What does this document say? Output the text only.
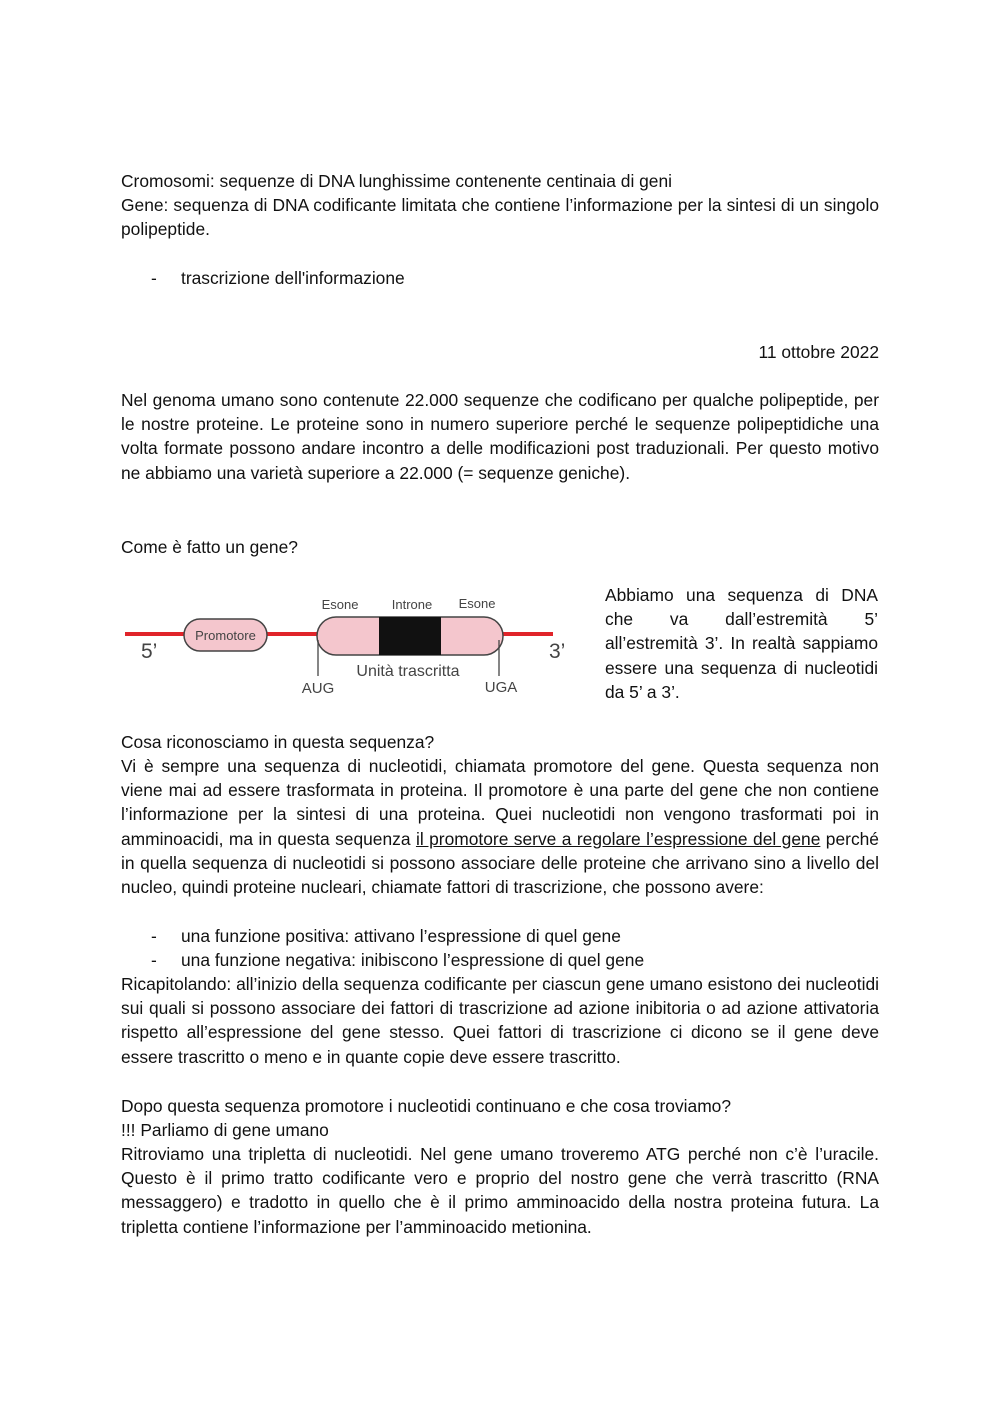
Cromosomi: sequenze di DNA lunghissime contenente centinaia di geni

Gene: sequenza di DNA codificante limitata che contiene l’informazione per la sintesi di un singolo polipeptide.

-	trascrizione dell'informazione

11 ottobre 2022

Nel genoma umano sono contenute 22.000 sequenze che codificano per qualche polipeptide, per le nostre proteine. Le proteine sono in numero superiore perché le sequenze polipeptidiche una volta formate possono andare incontro a delle modificazioni post traduzionali. Per questo motivo ne abbiamo una varietà superiore a 22.000 (= sequenze geniche).

Come è fatto un gene?

Promotore
Esone	Introne Esone
5’	3’
Unità trascritta
AUG	UGA

Abbiamo una sequenza di DNA che va dall’estremità 5’ all’estremità 3’. In realtà sappiamo essere una sequenza di nucleotidi da 5’ a 3’.

Cosa riconosciamo in questa sequenza?

Vi è sempre una sequenza di nucleotidi, chiamata promotore del gene. Questa sequenza non viene mai ad essere trasformata in proteina. Il promotore è una parte del gene che non contiene l’informazione per la sintesi di una proteina. Quei nucleotidi non vengono trasformati poi in amminoacidi, ma in questa sequenza il promotore serve a regolare l’espressione del gene perché in quella sequenza di nucleotidi si possono associare delle proteine che arrivano sino a livello del nucleo, quindi proteine nucleari, chiamate fattori di trascrizione, che possono avere:

-	una funzione positiva: attivano l’espressione di quel gene
-	una funzione negativa: inibiscono l’espressione di quel gene

Ricapitolando: all’inizio della sequenza codificante per ciascun gene umano esistono dei nucleotidi sui quali si possono associare dei fattori di trascrizione ad azione inibitoria o ad azione attivatoria rispetto all’espressione del gene stesso. Quei fattori di trascrizione ci dicono se il gene deve essere trascritto o meno e in quante copie deve essere trascritto.

Dopo questa sequenza promotore i nucleotidi continuano e che cosa troviamo?

!!! Parliamo di gene umano

Ritroviamo una tripletta di nucleotidi. Nel gene umano troveremo ATG perché non c’è l’uracile. Questo è il primo tratto codificante vero e proprio del nostro gene che verrà trascritto (RNA messaggero) e tradotto in quello che è il primo amminoacido della nostra proteina futura. La tripletta contiene l’informazione per l’amminoacido metionina.
